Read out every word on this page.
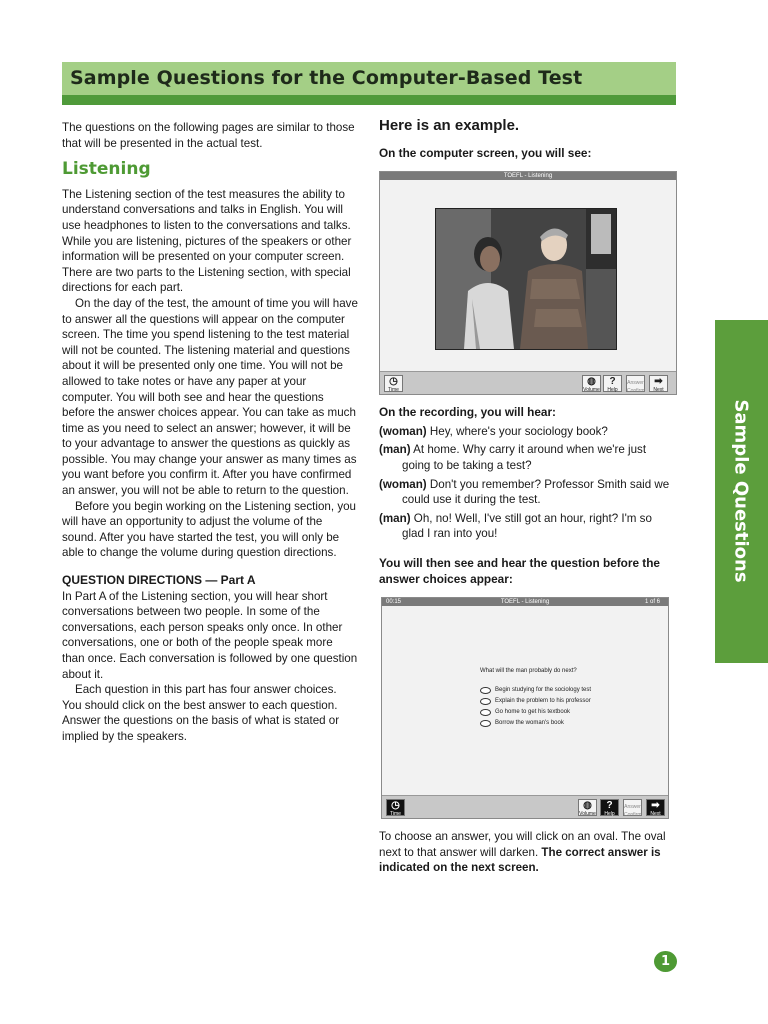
Sample Questions for the Computer-Based Test

The questions on the following pages are similar to those that will be presented in the actual test.

Listening

The Listening section of the test measures the ability to understand conversations and talks in English. You will use headphones to listen to the conversations and talks. While you are listening, pictures of the speakers or other information will be presented on your computer screen. There are two parts to the Listening section, with special directions for each part.

On the day of the test, the amount of time you will have to answer all the questions will appear on the computer screen. The time you spend listening to the test material will not be counted. The listening material and questions about it will be presented only one time. You will not be allowed to take notes or have any paper at your computer. You will both see and hear the questions before the answer choices appear. You can take as much time as you need to select an answer; however, it will be to your advantage to answer the questions as quickly as possible. You may change your answer as many times as you want before you confirm it. After you have confirmed an answer, you will not be able to return to the question.

Before you begin working on the Listening section, you will have an opportunity to adjust the volume of the sound. After you have started the test, you will only be able to change the volume during question directions.

QUESTION DIRECTIONS — Part A

In Part A of the Listening section, you will hear short conversations between two people. In some of the conversations, each person speaks only once. In other conversations, one or both of the people speak more than once. Each conversation is followed by one question about it.

Each question in this part has four answer choices. You should click on the best answer to each question. Answer the questions on the basis of what is stated or implied by the speakers.

Here is an example.

On the computer screen, you will see:

TOEFL - Listening
◷
Time
◍
Volume
?
Help
Answer
Confirm
➡
Next

On the recording, you will hear:

(woman) Hey, where's your sociology book?

(man) At home. Why carry it around when we're just going to be taking a test?

(woman) Don't you remember? Professor Smith said we could use it during the test.

(man) Oh, no! Well, I've still got an hour, right? I'm so glad I ran into you!

You will then see and hear the question before the answer choices appear:

00:15	TOEFL - Listening	1 of 6
What will the man probably do next?
Begin studying for the sociology test
Explain the problem to his professor
Go home to get his textbook
Borrow the woman's book
◷
Time
◍
Volume
?
Help
Answer
Confirm
➡
Next

To choose an answer, you will click on an oval. The oval next to that answer will darken. The correct answer is indicated on the next screen.

Sample Questions
1
